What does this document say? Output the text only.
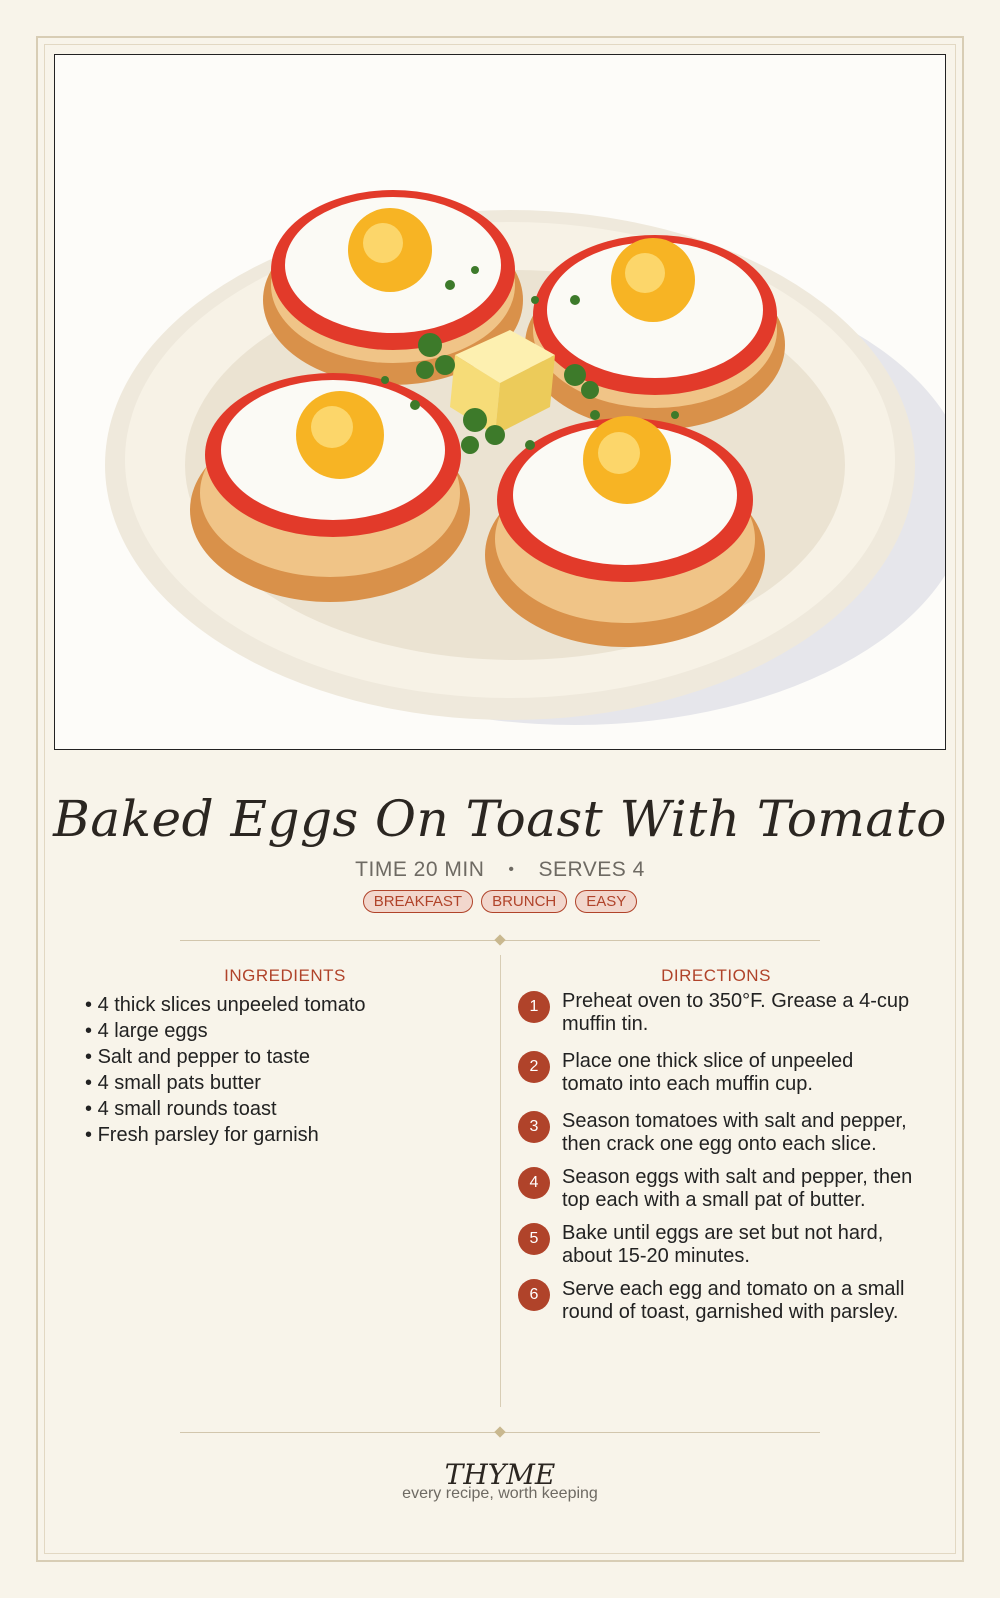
Baked Eggs On Toast With Tomato
TIME 20 MIN • SERVES 4
BREAKFAST BRUNCH EASY
INGREDIENTS
• 4 thick slices unpeeled tomato
• 4 large eggs
• Salt and pepper to taste
• 4 small pats butter
• 4 small rounds toast
• Fresh parsley for garnish
DIRECTIONS
1	Preheat oven to 350°F. Grease a 4-cup muffin tin.
2	Place one thick slice of unpeeled tomato into each muffin cup.
3	Season tomatoes with salt and pepper, then crack one egg onto each slice.
4	Season eggs with salt and pepper, then top each with a small pat of butter.
5	Bake until eggs are set but not hard, about 15-20 minutes.
6	Serve each egg and tomato on a small round of toast, garnished with parsley.
THYME
every recipe, worth keeping
